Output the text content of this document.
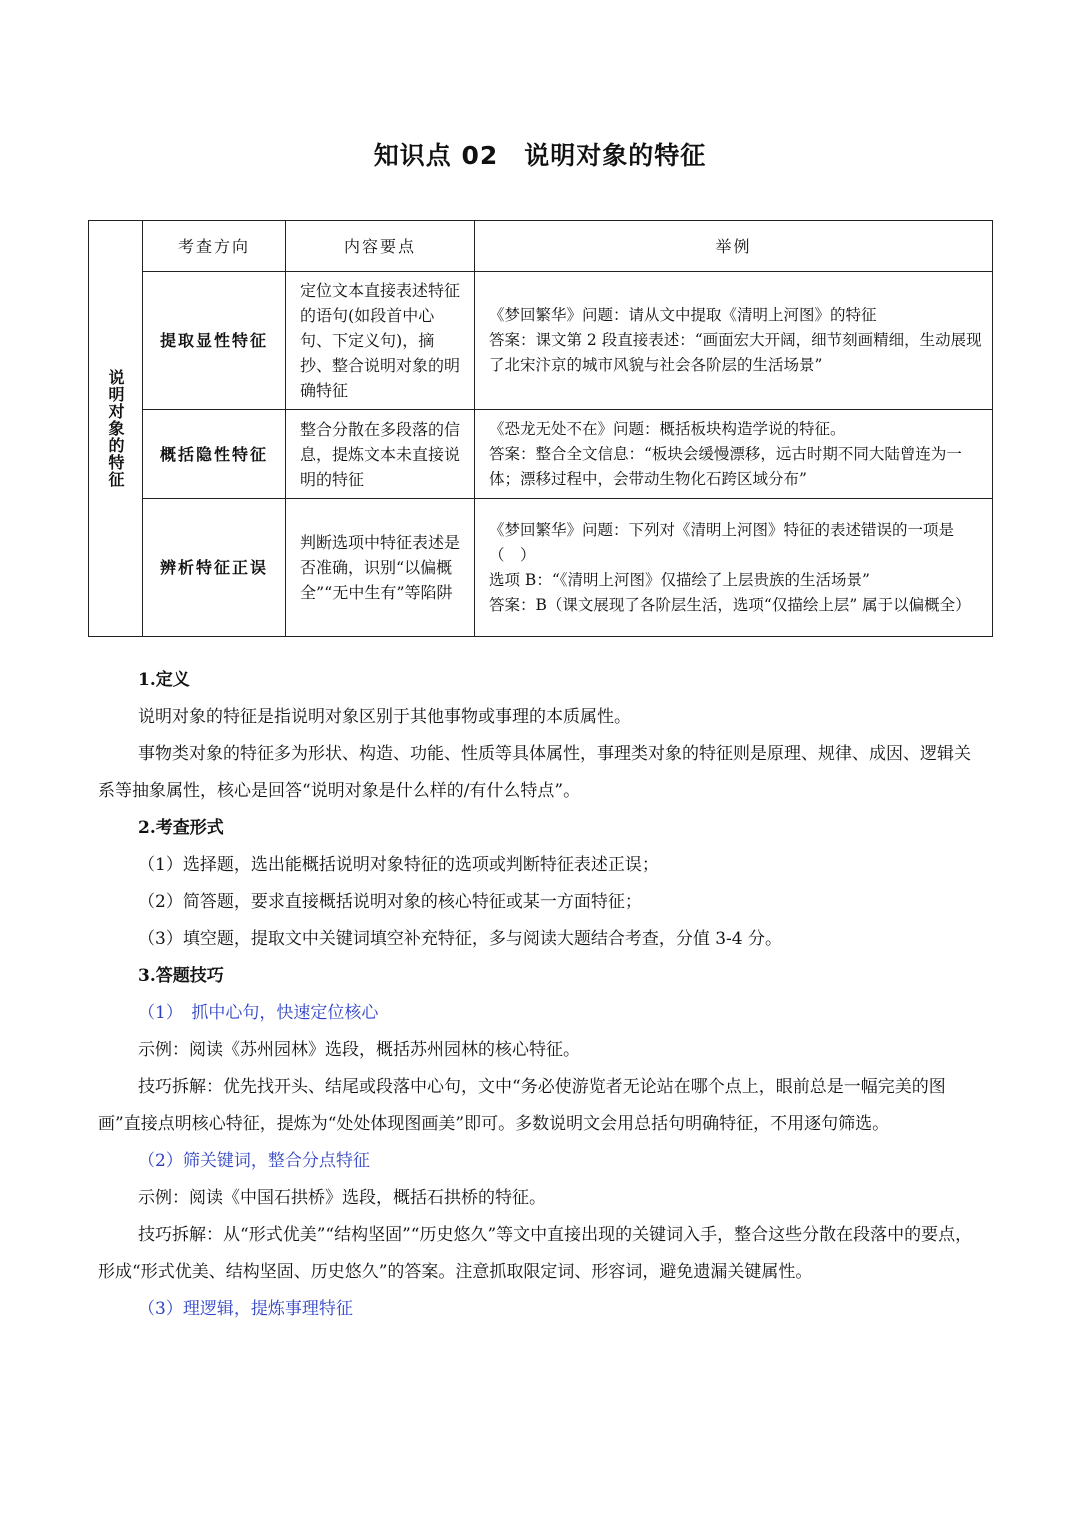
知识点 02　说明对象的特征
说明对象的特征	考查方向	内容要点	举例
	提取显性特征	定位文本直接表述特征的语句(如段首中心句、下定义句)，摘抄、整合说明对象的明确特征	《梦回繁华》问题：请从文中提取《清明上河图》的特征

答案：课文第 2 段直接表述：“画面宏大开阔，细节刻画精细，生动展现了北宋汴京的城市风貌与社会各阶层的生活场景”

	概括隐性特征	整合分散在多段落的信息，提炼文本未直接说明的特征	《恐龙无处不在》问题：概括板块构造学说的特征。

答案：整合全文信息：“板块会缓慢漂移，远古时期不同大陆曾连为一体；漂移过程中，会带动生物化石跨区域分布”

	辨析特征正误	判断选项中特征表述是否准确，识别“以偏概全”“无中生有”等陷阱	《梦回繁华》问题：下列对《清明上河图》特征的表述错误的一项是（　）

选项 B：“《清明上河图》仅描绘了上层贵族的生活场景”

答案：B（课文展现了各阶层生活，选项“仅描绘上层” 属于以偏概全）

1.定义

说明对象的特征是指说明对象区别于其他事物或事理的本质属性。

事物类对象的特征多为形状、构造、功能、性质等具体属性，事理类对象的特征则是原理、规律、成因、逻辑关系等抽象属性，核心是回答“说明对象是什么样的/有什么特点”。

2.考查形式

（1）选择题，选出能概括说明对象特征的选项或判断特征表述正误；

（2）简答题，要求直接概括说明对象的核心特征或某一方面特征；

（3）填空题，提取文中关键词填空补充特征，多与阅读大题结合考查，分值 3-4 分。

3.答题技巧

（1）　抓中心句，快速定位核心

示例：阅读《苏州园林》选段，概括苏州园林的核心特征。

技巧拆解：优先找开头、结尾或段落中心句，文中“务必使游览者无论站在哪个点上，眼前总是一幅完美的图画”直接点明核心特征，提炼为“处处体现图画美”即可。多数说明文会用总括句明确特征，不用逐句筛选。

（2）筛关键词，整合分点特征

示例：阅读《中国石拱桥》选段，概括石拱桥的特征。

技巧拆解：从“形式优美”“结构坚固”“历史悠久”等文中直接出现的关键词入手，整合这些分散在段落中的要点，形成“形式优美、结构坚固、历史悠久”的答案。注意抓取限定词、形容词，避免遗漏关键属性。

（3）理逻辑，提炼事理特征
